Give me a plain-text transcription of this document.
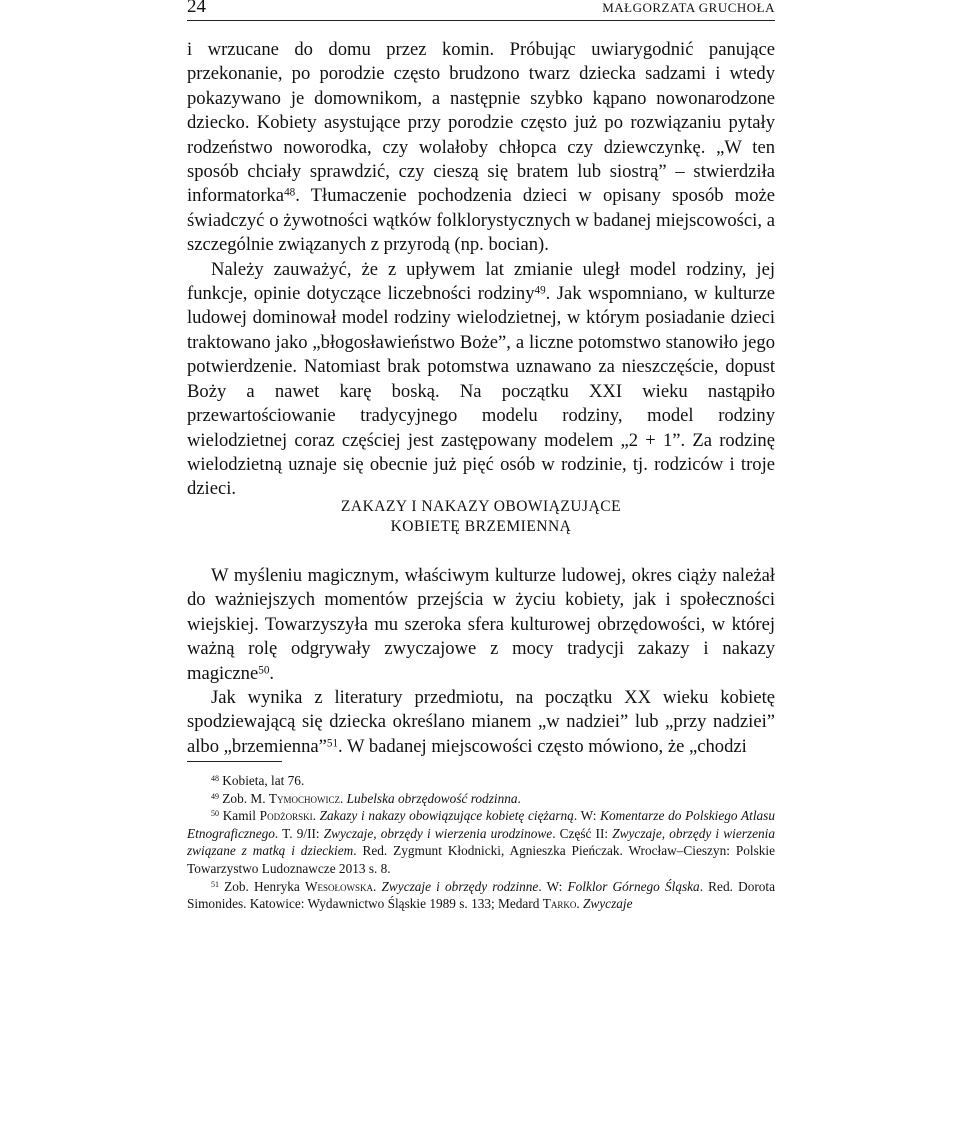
24	MAŁGORZATA GRUCHOŁA

i wrzucane do domu przez komin. Próbując uwiarygodnić panujące przekonanie, po porodzie często brudzono twarz dziecka sadzami i wtedy pokazywano je domownikom, a następnie szybko kąpano nowonarodzone dziecko. Kobiety asystujące przy porodzie często już po rozwiązaniu pytały rodzeństwo noworodka, czy wolałoby chłopca czy dziewczynkę. „W ten sposób chciały sprawdzić, czy cieszą się bratem lub siostrą” – stwierdziła informatorka$^{48}$. Tłumaczenie pochodzenia dzieci w opisany sposób może świadczyć o żywotności wątków folklorystycznych w badanej miejscowości, a szczególnie związanych z przyrodą (np. bocian).

Należy zauważyć, że z upływem lat zmianie uległ model rodziny, jej funkcje, opinie dotyczące liczebności rodziny$^{49}$. Jak wspomniano, w kulturze ludowej dominował model rodziny wielodzietnej, w którym posiadanie dzieci traktowano jako „błogosławieństwo Boże”, a liczne potomstwo stanowiło jego potwierdzenie. Natomiast brak potomstwa uznawano za nieszczęście, dopust Boży a nawet karę boską. Na początku XXI wieku nastąpiło przewartościowanie tradycyjnego modelu rodziny, model rodziny wielodzietnej coraz częściej jest zastępowany modelem „2 + 1”. Za rodzinę wielodzietną uznaje się obecnie już pięć osób w rodzinie, tj. rodziców i troje dzieci.

ZAKAZY I NAKAZY OBOWIĄZUJĄCE
KOBIETĘ BRZEMIENNĄ

W myśleniu magicznym, właściwym kulturze ludowej, okres ciąży należał do ważniejszych momentów przejścia w życiu kobiety, jak i społeczności wiejskiej. Towarzyszyła mu szeroka sfera kulturowej obrzędowości, w której ważną rolę odgrywały zwyczajowe z mocy tradycji zakazy i nakazy magiczne$^{50}$.

Jak wynika z literatury przedmiotu, na początku XX wieku kobietę spodziewającą się dziecka określano mianem „w nadziei” lub „przy nadziei” albo „brzemienna”$^{51}$. W badanej miejscowości często mówiono, że „chodzi

$^{48}$ Kobieta, lat 76.

$^{49}$ Zob. M. Tymochowicz. Lubelska obrzędowość rodzinna.

$^{50}$ Kamil Podżorski. Zakazy i nakazy obowiązujące kobietę ciężarną. W: Komentarze do Polskiego Atlasu Etnograficznego. T. 9/II: Zwyczaje, obrzędy i wierzenia urodzinowe. Część II: Zwyczaje, obrzędy i wierzenia związane z matką i dzieckiem. Red. Zygmunt Kłodnicki, Agnieszka Pieńczak. Wrocław–Cieszyn: Polskie Towarzystwo Ludoznawcze 2013 s. 8.

$^{51}$ Zob. Henryka Wesołowska. Zwyczaje i obrzędy rodzinne. W: Folklor Górnego Śląska. Red. Dorota Simonides. Katowice: Wydawnictwo Śląskie 1989 s. 133; Medard Tarko. Zwyczaje
